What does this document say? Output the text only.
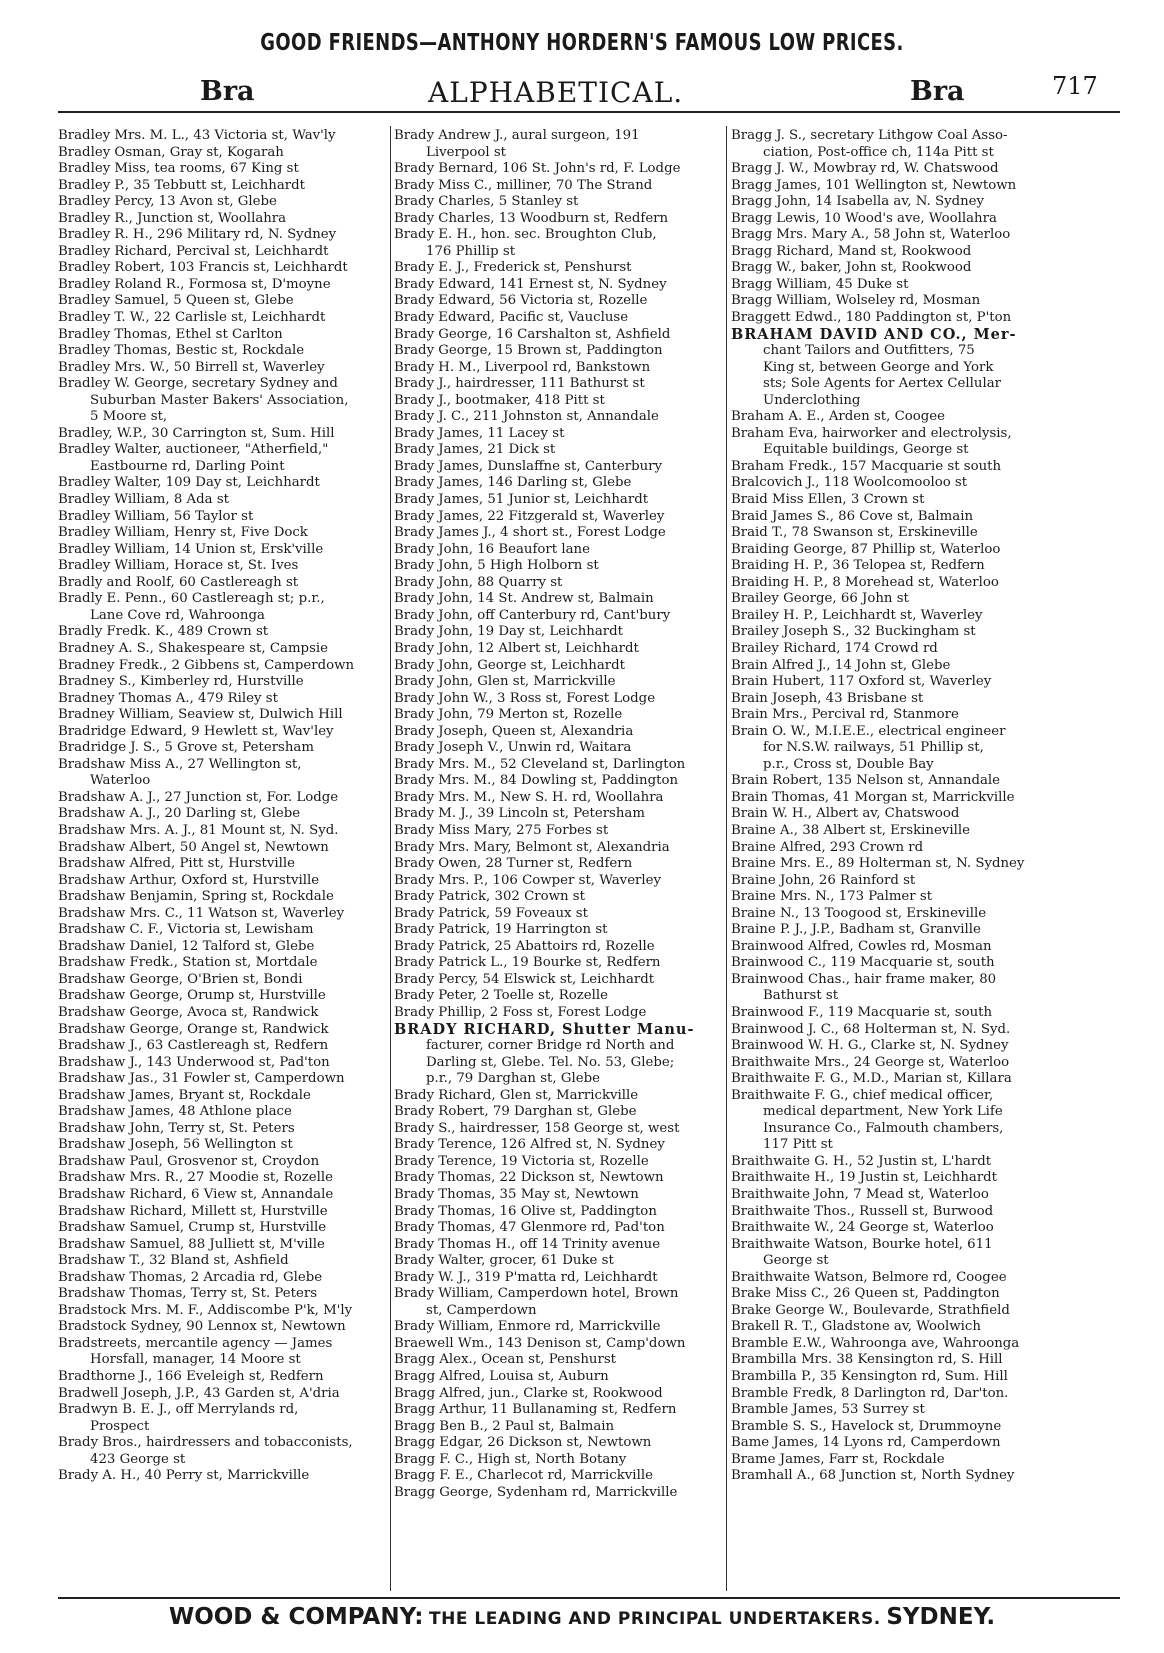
GOOD FRIENDS—ANTHONY HORDERN'S FAMOUS LOW PRICES.
Bra	ALPHABETICAL.	Bra	717
Bradley Mrs. M. L., 43 Victoria st, Wav'ly
Bradley Osman, Gray st, Kogarah
Bradley Miss, tea rooms, 67 King st
Bradley P., 35 Tebbutt st, Leichhardt
Bradley Percy, 13 Avon st, Glebe
Bradley R., Junction st, Woollahra
Bradley R. H., 296 Military rd, N. Sydney
Bradley Richard, Percival st, Leichhardt
Bradley Robert, 103 Francis st, Leichhardt
Bradley Roland R., Formosa st, D'moyne
Bradley Samuel, 5 Queen st, Glebe
Bradley T. W., 22 Carlisle st, Leichhardt
Bradley Thomas, Ethel st Carlton
Bradley Thomas, Bestic st, Rockdale
Bradley Mrs. W., 50 Birrell st, Waverley
Bradley W. George, secretary Sydney and
Suburban Master Bakers' Association,
5 Moore st,
Bradley, W.P., 30 Carrington st, Sum. Hill
Bradley Walter, auctioneer, "Atherfield,"
Eastbourne rd, Darling Point
Bradley Walter, 109 Day st, Leichhardt
Bradley William, 8 Ada st
Bradley William, 56 Taylor st
Bradley William, Henry st, Five Dock
Bradley William, 14 Union st, Ersk'ville
Bradley William, Horace st, St. Ives
Bradly and Roolf, 60 Castlereagh st
Bradly E. Penn., 60 Castlereagh st; p.r.,
Lane Cove rd, Wahroonga
Bradly Fredk. K., 489 Crown st
Bradney A. S., Shakespeare st, Campsie
Bradney Fredk., 2 Gibbens st, Camperdown
Bradney S., Kimberley rd, Hurstville
Bradney Thomas A., 479 Riley st
Bradney William, Seaview st, Dulwich Hill
Bradridge Edward, 9 Hewlett st, Wav'ley
Bradridge J. S., 5 Grove st, Petersham
Bradshaw Miss A., 27 Wellington st,
Waterloo
Bradshaw A. J., 27 Junction st, For. Lodge
Bradshaw A. J., 20 Darling st, Glebe
Bradshaw Mrs. A. J., 81 Mount st, N. Syd.
Bradshaw Albert, 50 Angel st, Newtown
Bradshaw Alfred, Pitt st, Hurstville
Bradshaw Arthur, Oxford st, Hurstville
Bradshaw Benjamin, Spring st, Rockdale
Bradshaw Mrs. C., 11 Watson st, Waverley
Bradshaw C. F., Victoria st, Lewisham
Bradshaw Daniel, 12 Talford st, Glebe
Bradshaw Fredk., Station st, Mortdale
Bradshaw George, O'Brien st, Bondi
Bradshaw George, Orump st, Hurstville
Bradshaw George, Avoca st, Randwick
Bradshaw George, Orange st, Randwick
Bradshaw J., 63 Castlereagh st, Redfern
Bradshaw J., 143 Underwood st, Pad'ton
Bradshaw Jas., 31 Fowler st, Camperdown
Bradshaw James, Bryant st, Rockdale
Bradshaw James, 48 Athlone place
Bradshaw John, Terry st, St. Peters
Bradshaw Joseph, 56 Wellington st
Bradshaw Paul, Grosvenor st, Croydon
Bradshaw Mrs. R., 27 Moodie st, Rozelle
Bradshaw Richard, 6 View st, Annandale
Bradshaw Richard, Millett st, Hurstville
Bradshaw Samuel, Crump st, Hurstville
Bradshaw Samuel, 88 Julliett st, M'ville
Bradshaw T., 32 Bland st, Ashfield
Bradshaw Thomas, 2 Arcadia rd, Glebe
Bradshaw Thomas, Terry st, St. Peters
Bradstock Mrs. M. F., Addiscombe P'k, M'ly
Bradstock Sydney, 90 Lennox st, Newtown
Bradstreets, mercantile agency — James
Horsfall, manager, 14 Moore st
Bradthorne J., 166 Eveleigh st, Redfern
Bradwell Joseph, J.P., 43 Garden st, A'dria
Bradwyn B. E. J., off Merrylands rd,
Prospect
Brady Bros., hairdressers and tobacconists,
423 George st
Brady A. H., 40 Perry st, Marrickville
Brady Andrew J., aural surgeon, 191
Liverpool st
Brady Bernard, 106 St. John's rd, F. Lodge
Brady Miss C., milliner, 70 The Strand
Brady Charles, 5 Stanley st
Brady Charles, 13 Woodburn st, Redfern
Brady E. H., hon. sec. Broughton Club,
176 Phillip st
Brady E. J., Frederick st, Penshurst
Brady Edward, 141 Ernest st, N. Sydney
Brady Edward, 56 Victoria st, Rozelle
Brady Edward, Pacific st, Vaucluse
Brady George, 16 Carshalton st, Ashfield
Brady George, 15 Brown st, Paddington
Brady H. M., Liverpool rd, Bankstown
Brady J., hairdresser, 111 Bathurst st
Brady J., bootmaker, 418 Pitt st
Brady J. C., 211 Johnston st, Annandale
Brady James, 11 Lacey st
Brady James, 21 Dick st
Brady James, Dunslaffne st, Canterbury
Brady James, 146 Darling st, Glebe
Brady James, 51 Junior st, Leichhardt
Brady James, 22 Fitzgerald st, Waverley
Brady James J., 4 short st., Forest Lodge
Brady John, 16 Beaufort lane
Brady John, 5 High Holborn st
Brady John, 88 Quarry st
Brady John, 14 St. Andrew st, Balmain
Brady John, off Canterbury rd, Cant'bury
Brady John, 19 Day st, Leichhardt
Brady John, 12 Albert st, Leichhardt
Brady John, George st, Leichhardt
Brady John, Glen st, Marrickville
Brady John W., 3 Ross st, Forest Lodge
Brady John, 79 Merton st, Rozelle
Brady Joseph, Queen st, Alexandria
Brady Joseph V., Unwin rd, Waitara
Brady Mrs. M., 52 Cleveland st, Darlington
Brady Mrs. M., 84 Dowling st, Paddington
Brady Mrs. M., New S. H. rd, Woollahra
Brady M. J., 39 Lincoln st, Petersham
Brady Miss Mary, 275 Forbes st
Brady Mrs. Mary, Belmont st, Alexandria
Brady Owen, 28 Turner st, Redfern
Brady Mrs. P., 106 Cowper st, Waverley
Brady Patrick, 302 Crown st
Brady Patrick, 59 Foveaux st
Brady Patrick, 19 Harrington st
Brady Patrick, 25 Abattoirs rd, Rozelle
Brady Patrick L., 19 Bourke st, Redfern
Brady Percy, 54 Elswick st, Leichhardt
Brady Peter, 2 Toelle st, Rozelle
Brady Phillip, 2 Foss st, Forest Lodge
BRADY RICHARD, Shutter Manu-
facturer, corner Bridge rd North and
Darling st, Glebe. Tel. No. 53, Glebe;
p.r., 79 Darghan st, Glebe
Brady Richard, Glen st, Marrickville
Brady Robert, 79 Darghan st, Glebe
Brady S., hairdresser, 158 George st, west
Brady Terence, 126 Alfred st, N. Sydney
Brady Terence, 19 Victoria st, Rozelle
Brady Thomas, 22 Dickson st, Newtown
Brady Thomas, 35 May st, Newtown
Brady Thomas, 16 Olive st, Paddington
Brady Thomas, 47 Glenmore rd, Pad'ton
Brady Thomas H., off 14 Trinity avenue
Brady Walter, grocer, 61 Duke st
Brady W. J., 319 P'matta rd, Leichhardt
Brady William, Camperdown hotel, Brown
st, Camperdown
Brady William, Enmore rd, Marrickville
Braewell Wm., 143 Denison st, Camp'down
Bragg Alex., Ocean st, Penshurst
Bragg Alfred, Louisa st, Auburn
Bragg Alfred, jun., Clarke st, Rookwood
Bragg Arthur, 11 Bullanaming st, Redfern
Bragg Ben B., 2 Paul st, Balmain
Bragg Edgar, 26 Dickson st, Newtown
Bragg F. C., High st, North Botany
Bragg F. E., Charlecot rd, Marrickville
Bragg George, Sydenham rd, Marrickville
Bragg J. S., secretary Lithgow Coal Asso-
ciation, Post-office ch, 114a Pitt st
Bragg J. W., Mowbray rd, W. Chatswood
Bragg James, 101 Wellington st, Newtown
Bragg John, 14 Isabella av, N. Sydney
Bragg Lewis, 10 Wood's ave, Woollahra
Bragg Mrs. Mary A., 58 John st, Waterloo
Bragg Richard, Mand st, Rookwood
Bragg W., baker, John st, Rookwood
Bragg William, 45 Duke st
Bragg William, Wolseley rd, Mosman
Braggett Edwd., 180 Paddington st, P'ton
BRAHAM DAVID AND CO., Mer-
chant Tailors and Outfitters, 75
King st, between George and York
sts; Sole Agents for Aertex Cellular
Underclothing
Braham A. E., Arden st, Coogee
Braham Eva, hairworker and electrolysis,
Equitable buildings, George st
Braham Fredk., 157 Macquarie st south
Bralcovich J., 118 Woolcomooloo st
Braid Miss Ellen, 3 Crown st
Braid James S., 86 Cove st, Balmain
Braid T., 78 Swanson st, Erskineville
Braiding George, 87 Phillip st, Waterloo
Braiding H. P., 36 Telopea st, Redfern
Braiding H. P., 8 Morehead st, Waterloo
Brailey George, 66 John st
Brailey H. P., Leichhardt st, Waverley
Brailey Joseph S., 32 Buckingham st
Brailey Richard, 174 Crowd rd
Brain Alfred J., 14 John st, Glebe
Brain Hubert, 117 Oxford st, Waverley
Brain Joseph, 43 Brisbane st
Brain Mrs., Percival rd, Stanmore
Brain O. W., M.I.E.E., electrical engineer
for N.S.W. railways, 51 Phillip st,
p.r., Cross st, Double Bay
Brain Robert, 135 Nelson st, Annandale
Brain Thomas, 41 Morgan st, Marrickville
Brain W. H., Albert av, Chatswood
Braine A., 38 Albert st, Erskineville
Braine Alfred, 293 Crown rd
Braine Mrs. E., 89 Holterman st, N. Sydney
Braine John, 26 Rainford st
Braine Mrs. N., 173 Palmer st
Braine N., 13 Toogood st, Erskineville
Braine P. J., J.P., Badham st, Granville
Brainwood Alfred, Cowles rd, Mosman
Brainwood C., 119 Macquarie st, south
Brainwood Chas., hair frame maker, 80
Bathurst st
Brainwood F., 119 Macquarie st, south
Brainwood J. C., 68 Holterman st, N. Syd.
Brainwood W. H. G., Clarke st, N. Sydney
Braithwaite Mrs., 24 George st, Waterloo
Braithwaite F. G., M.D., Marian st, Killara
Braithwaite F. G., chief medical officer,
medical department, New York Life
Insurance Co., Falmouth chambers,
117 Pitt st
Braithwaite G. H., 52 Justin st, L'hardt
Braithwaite H., 19 Justin st, Leichhardt
Braithwaite John, 7 Mead st, Waterloo
Braithwaite Thos., Russell st, Burwood
Braithwaite W., 24 George st, Waterloo
Braithwaite Watson, Bourke hotel, 611
George st
Braithwaite Watson, Belmore rd, Coogee
Brake Miss C., 26 Queen st, Paddington
Brake George W., Boulevarde, Strathfield
Brakell R. T., Gladstone av, Woolwich
Bramble E.W., Wahroonga ave, Wahroonga
Brambilla Mrs. 38 Kensington rd, S. Hill
Brambilla P., 35 Kensington rd, Sum. Hill
Bramble Fredk, 8 Darlington rd, Dar'ton.
Bramble James, 53 Surrey st
Bramble S. S., Havelock st, Drummoyne
Bame James, 14 Lyons rd, Camperdown
Brame James, Farr st, Rockdale
Bramhall A., 68 Junction st, North Sydney
WOOD & COMPANY: THE LEADING AND PRINCIPAL UNDERTAKERS. SYDNEY.
